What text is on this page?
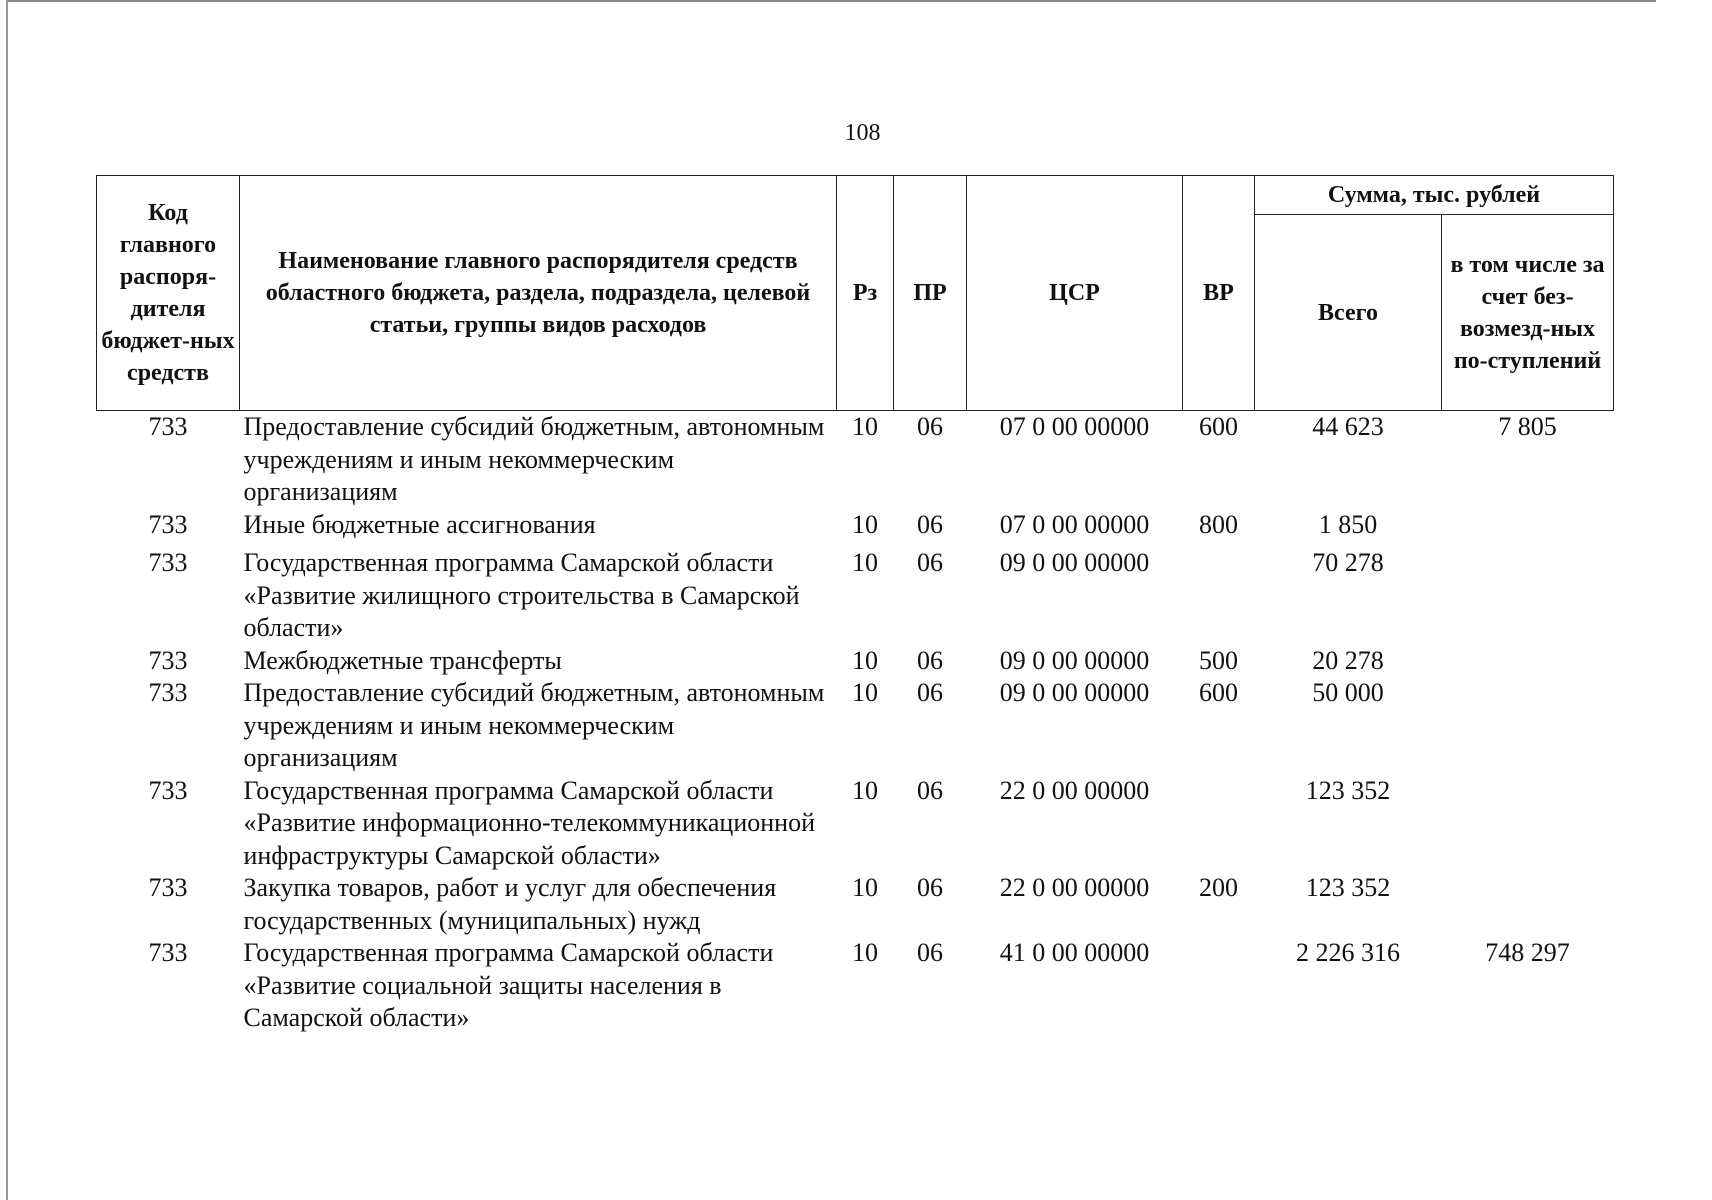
108
Код главного распоря-дителя бюджет-ных средств	Наименование главного распорядителя средств областного бюджета, раздела, подраздела, целевой статьи, группы видов расходов	Рз	ПР	ЦСР	ВР	Сумма, тыс. рублей	
						Всего	в том числе за счет без-возмезд-ных по-ступлений
733	Предоставление субсидий бюджетным, автономным учреждениям и иным некоммерческим организациям	10	06	07 0 00 00000	600	44 623	7 805
733	Иные бюджетные ассигнования	10	06	07 0 00 00000	800	1 850	
733	Государственная программа Самарской области «Развитие жилищного строительства в Самарской области»	10	06	09 0 00 00000		70 278	
733	Межбюджетные трансферты	10	06	09 0 00 00000	500	20 278	
733	Предоставление субсидий бюджетным, автономным учреждениям и иным некоммерческим организациям	10	06	09 0 00 00000	600	50 000	
733	Государственная программа Самарской области «Развитие информационно-телекоммуникационной инфраструктуры Самарской области»	10	06	22 0 00 00000		123 352	
733	Закупка товаров, работ и услуг для обеспечения государственных (муниципальных) нужд	10	06	22 0 00 00000	200	123 352	
733	Государственная программа Самарской области «Развитие социальной защиты населения в Самарской области»	10	06	41 0 00 00000		2 226 316	748 297
